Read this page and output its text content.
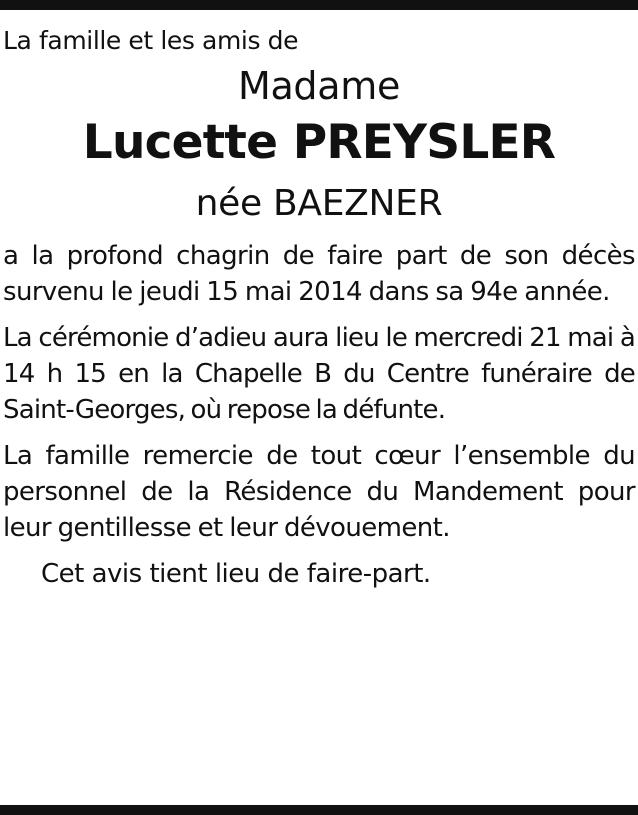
La famille et les amis de

Madame

Lucette PREYSLER

née BAEZNER

a la profond chagrin de faire part de son décès survenu le jeudi 15 mai 2014 dans sa 94e année.

La cérémonie d’adieu aura lieu le mercredi 21 mai à 14 h 15 en la Chapelle B du Centre funéraire de Saint-Georges, où repose la défunte.

La famille remercie de tout cœur l’ensemble du personnel de la Résidence du Mandement pour leur gentillesse et leur dévouement.

Cet avis tient lieu de faire-part.
